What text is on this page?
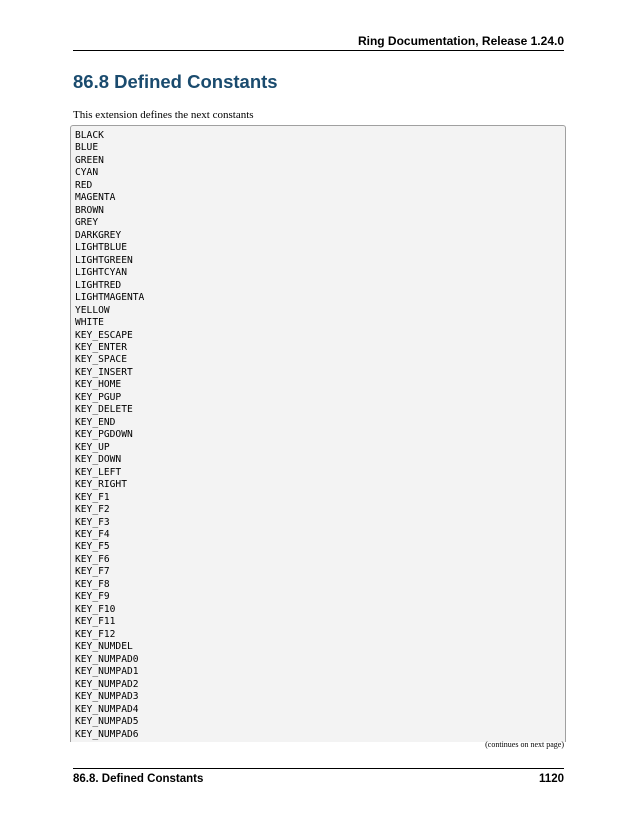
Ring Documentation, Release 1.24.0
86.8 Defined Constants

This extension defines the next constants

BLACK
BLUE
GREEN
CYAN
RED
MAGENTA
BROWN
GREY
DARKGREY
LIGHTBLUE
LIGHTGREEN
LIGHTCYAN
LIGHTRED
LIGHTMAGENTA
YELLOW
WHITE
KEY_ESCAPE
KEY_ENTER
KEY_SPACE
KEY_INSERT
KEY_HOME
KEY_PGUP
KEY_DELETE
KEY_END
KEY_PGDOWN
KEY_UP
KEY_DOWN
KEY_LEFT
KEY_RIGHT
KEY_F1
KEY_F2
KEY_F3
KEY_F4
KEY_F5
KEY_F6
KEY_F7
KEY_F8
KEY_F9
KEY_F10
KEY_F11
KEY_F12
KEY_NUMDEL
KEY_NUMPAD0
KEY_NUMPAD1
KEY_NUMPAD2
KEY_NUMPAD3
KEY_NUMPAD4
KEY_NUMPAD5
KEY_NUMPAD6
(continues on next page)
86.8. Defined Constants	1120
